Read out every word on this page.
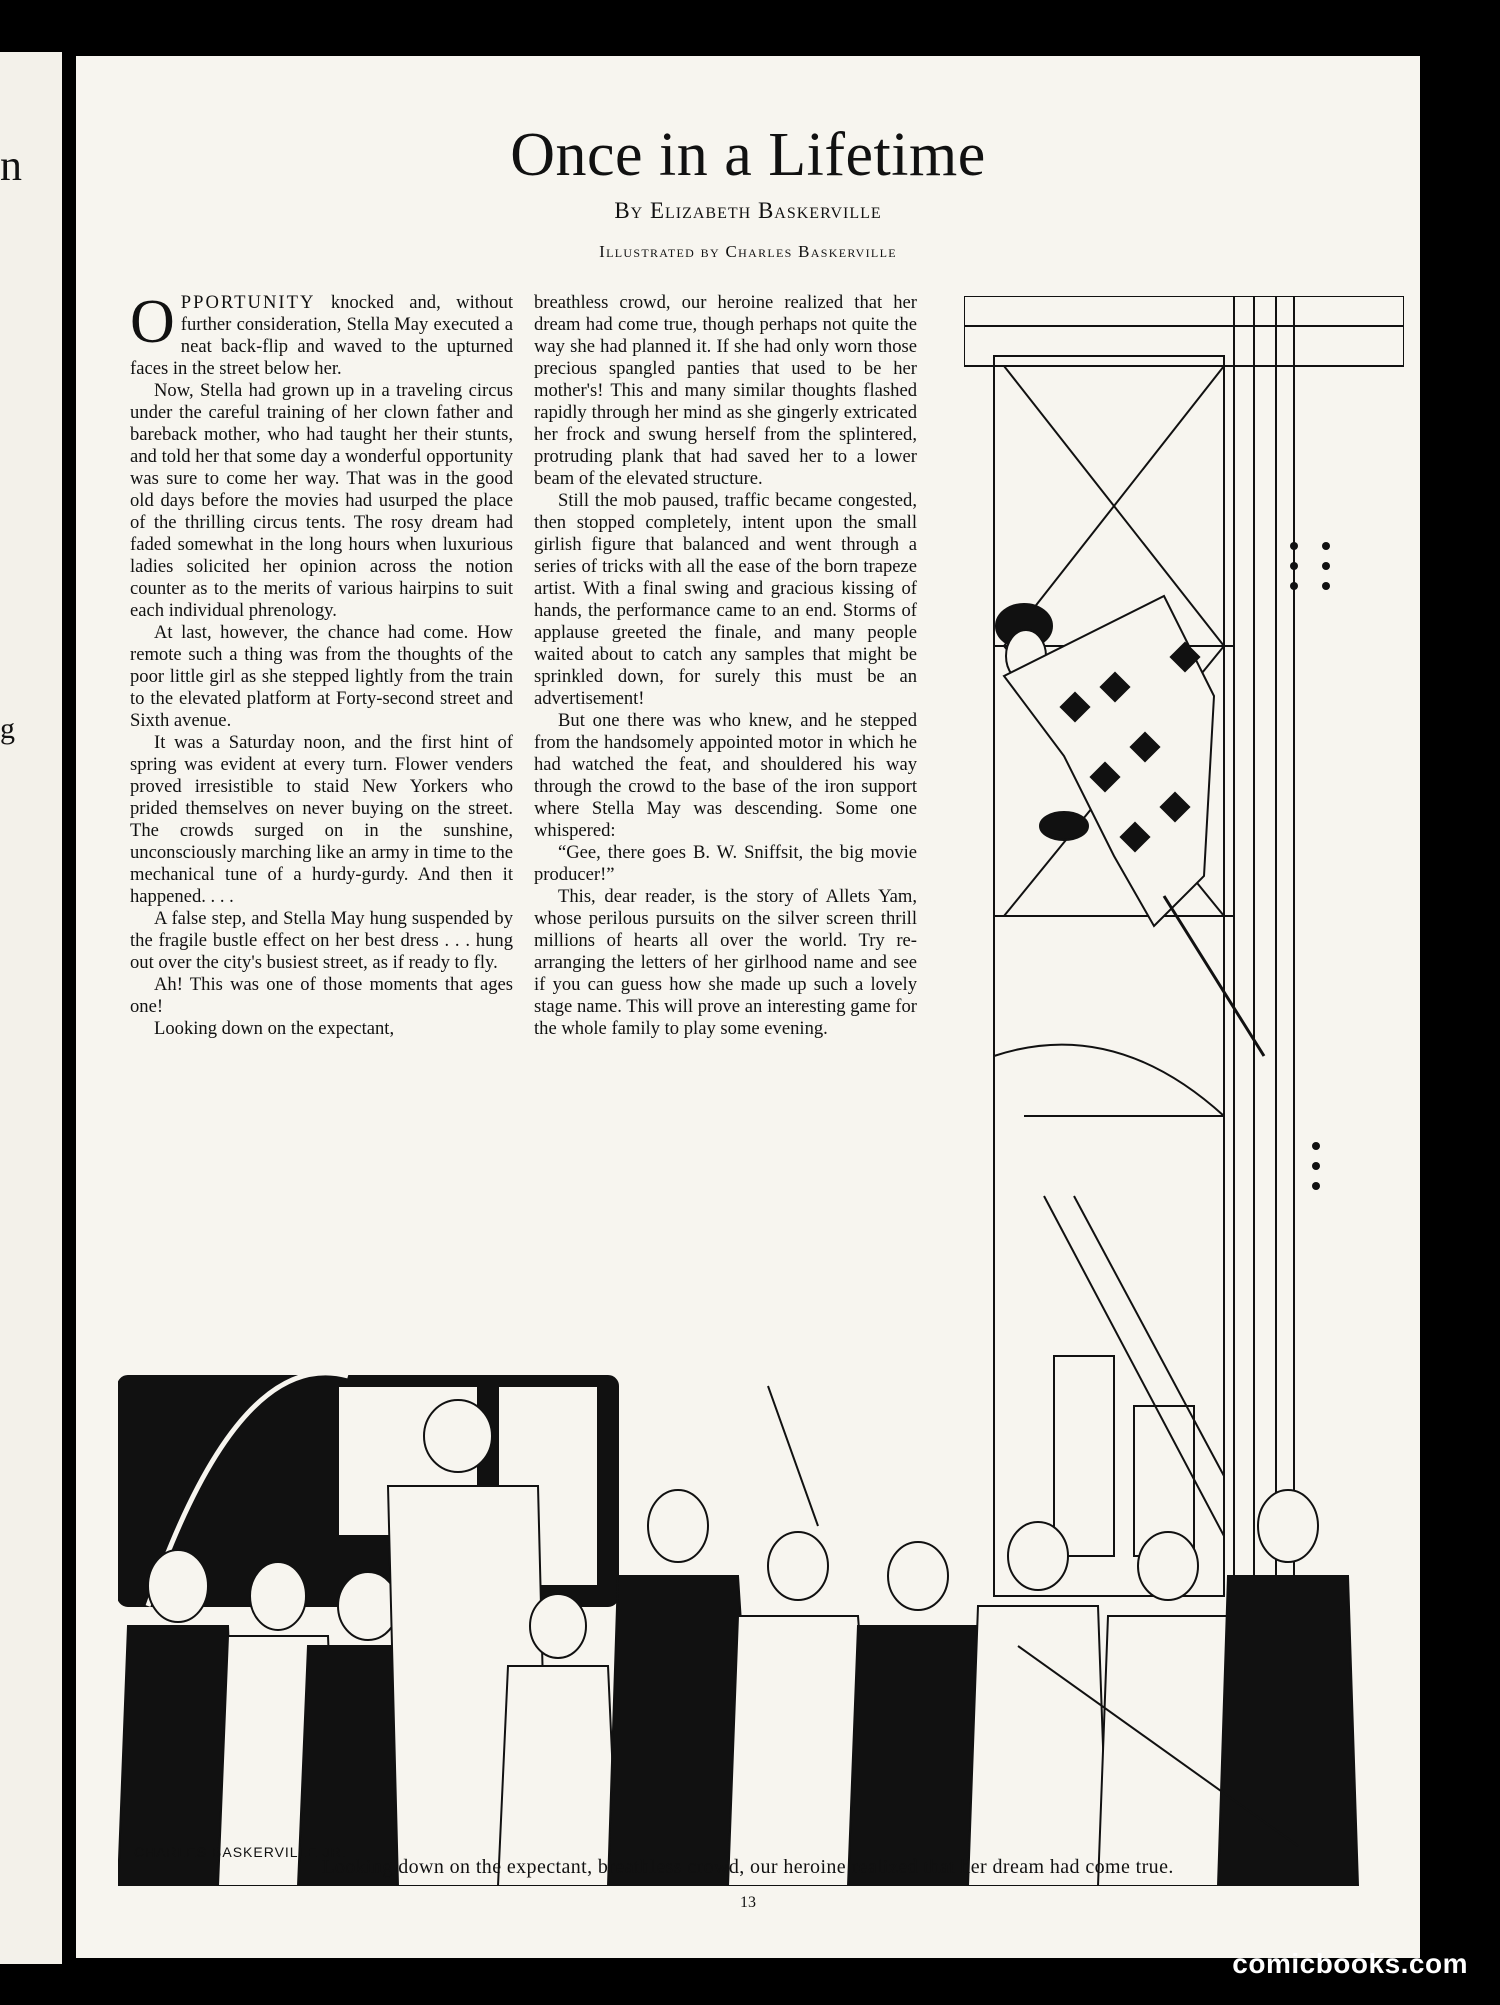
n
g
Once in a Lifetime
By Elizabeth Baskerville
Illustrated by Charles Baskerville

OPPORTUNITY knocked and, without further consideration, Stella May executed a neat back-flip and waved to the upturned faces in the street below her.

Now, Stella had grown up in a traveling circus under the careful training of her clown father and bareback mother, who had taught her their stunts, and told her that some day a wonderful opportunity was sure to come her way. That was in the good old days before the movies had usurped the place of the thrilling circus tents. The rosy dream had faded somewhat in the long hours when luxurious ladies solicited her opinion across the notion counter as to the merits of various hairpins to suit each individual phrenology.

At last, however, the chance had come. How remote such a thing was from the thoughts of the poor little girl as she stepped lightly from the train to the elevated platform at Forty-second street and Sixth avenue.

It was a Saturday noon, and the first hint of spring was evident at every turn. Flower venders proved irresistible to staid New Yorkers who prided themselves on never buying on the street. The crowds surged on in the sunshine, unconsciously marching like an army in time to the mechanical tune of a hurdy-gurdy. And then it happened. . . .

A false step, and Stella May hung suspended by the fragile bustle effect on her best dress . . . hung out over the city's busiest street, as if ready to fly.

Ah! This was one of those moments that ages one!

Looking down on the expectant,

breathless crowd, our heroine realized that her dream had come true, though perhaps not quite the way she had planned it. If she had only worn those precious spangled panties that used to be her mother's! This and many similar thoughts flashed rapidly through her mind as she gingerly extricated her frock and swung herself from the splintered, protruding plank that had saved her to a lower beam of the elevated structure.

Still the mob paused, traffic became congested, then stopped completely, intent upon the small girlish figure that balanced and went through a series of tricks with all the ease of the born trapeze artist. With a final swing and gracious kissing of hands, the performance came to an end. Storms of applause greeted the finale, and many people waited about to catch any samples that might be sprinkled down, for surely this must be an advertisement!

But one there was who knew, and he stepped from the handsomely appointed motor in which he had watched the feat, and shouldered his way through the crowd to the base of the iron support where Stella May was descending. Some one whispered:

“Gee, there goes B. W. Sniffsit, the big movie producer!”

This, dear reader, is the story of Allets Yam, whose perilous pursuits on the silver screen thrill millions of hearts all over the world. Try re-arranging the letters of her girlhood name and see if you can guess how she made up such a lovely stage name. This will prove an interesting game for the whole family to play some evening.

CHARLES BASKERVILLE JR.
Looking down on the expectant, breathless crowd, our heroine realized that her dream had come true.
13
comicbooks.com
